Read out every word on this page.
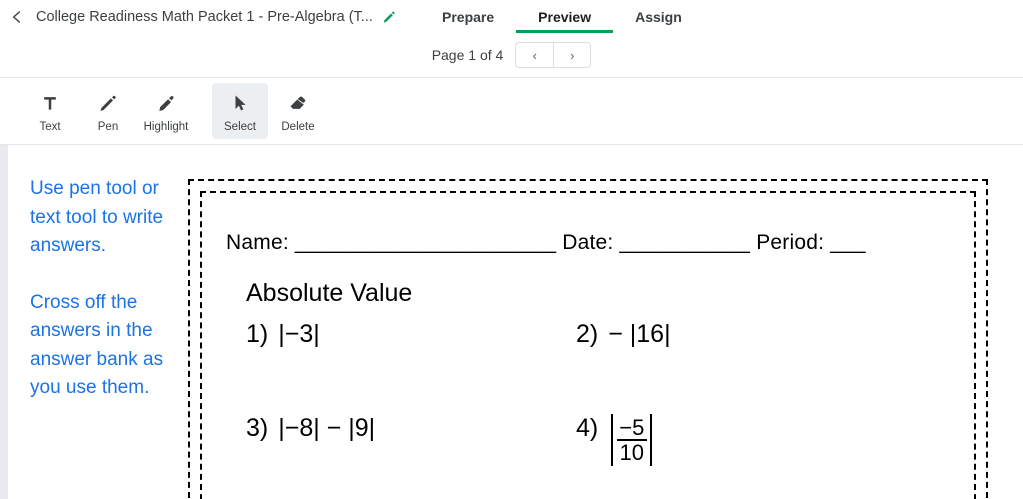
College Readiness Math Packet 1 - Pre-Algebra (T...	Prepare	Preview	Assign
Page 1 of 4 ‹	›
Text	Pen Highlight	Select Delete
Use pen tool or text tool to write answers.
Cross off the answers in the answer bank as you use them.
Name: ______________________ Date: ___________ Period: ___
Absolute Value
1) |−3|	2) − |16|
3) |−8| − |9|	$4) \frac{-5}{10}$
